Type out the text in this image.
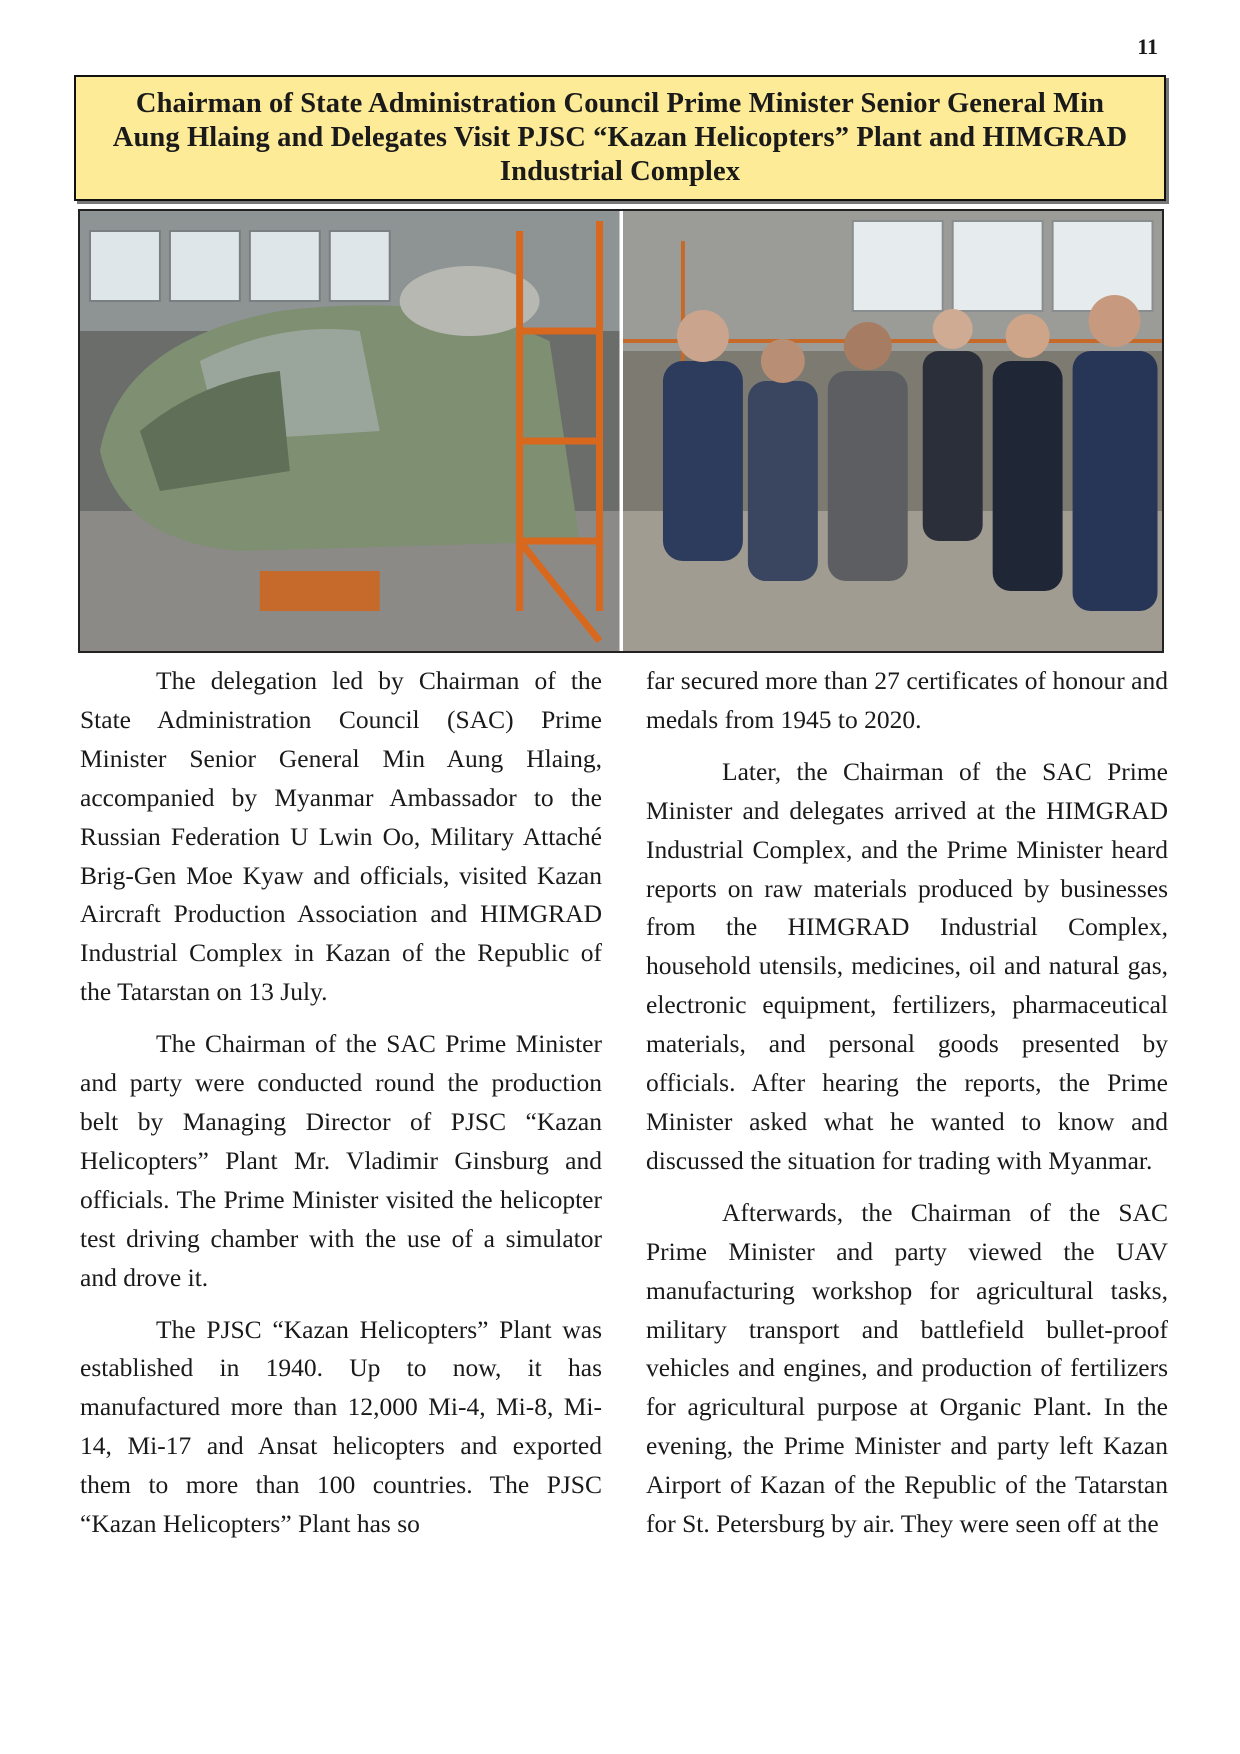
11
Chairman of State Administration Council Prime Minister Senior General Min Aung Hlaing and Delegates Visit PJSC “Kazan Helicopters” Plant and HIMGRAD Industrial Complex

The delegation led by Chairman of the State Administration Council (SAC) Prime Minister Senior General Min Aung Hlaing, accompanied by Myanmar Ambassador to the Russian Federation U Lwin Oo, Military Attaché Brig-Gen Moe Kyaw and officials, visited Kazan Aircraft Production Association and HIMGRAD Industrial Complex in Kazan of the Republic of the Tatarstan on 13 July.

The Chairman of the SAC Prime Minister and party were conducted round the production belt by Managing Director of PJSC “Kazan Helicopters” Plant Mr. Vladimir Ginsburg and officials. The Prime Minister visited the helicopter test driving chamber with the use of a simulator and drove it.

The PJSC “Kazan Helicopters” Plant was established in 1940. Up to now, it has manufactured more than 12,000 Mi-4, Mi-8, Mi-14, Mi-17 and Ansat helicopters and exported them to more than 100 countries. The PJSC “Kazan Helicopters” Plant has so

far secured more than 27 certificates of honour and medals from 1945 to 2020.

Later, the Chairman of the SAC Prime Minister and delegates arrived at the HIMGRAD Industrial Complex, and the Prime Minister heard reports on raw materials produced by businesses from the HIMGRAD Industrial Complex, household utensils, medicines, oil and natural gas, electronic equipment, fertilizers, pharmaceutical materials, and personal goods presented by officials. After hearing the reports, the Prime Minister asked what he wanted to know and discussed the situation for trading with Myanmar.

Afterwards, the Chairman of the SAC Prime Minister and party viewed the UAV manufacturing workshop for agricultural tasks, military transport and battlefield bullet-proof vehicles and engines, and production of fertilizers for agricultural purpose at Organic Plant. In the evening, the Prime Minister and party left Kazan Airport of Kazan of the Republic of the Tatarstan for St. Petersburg by air. They were seen off at the
